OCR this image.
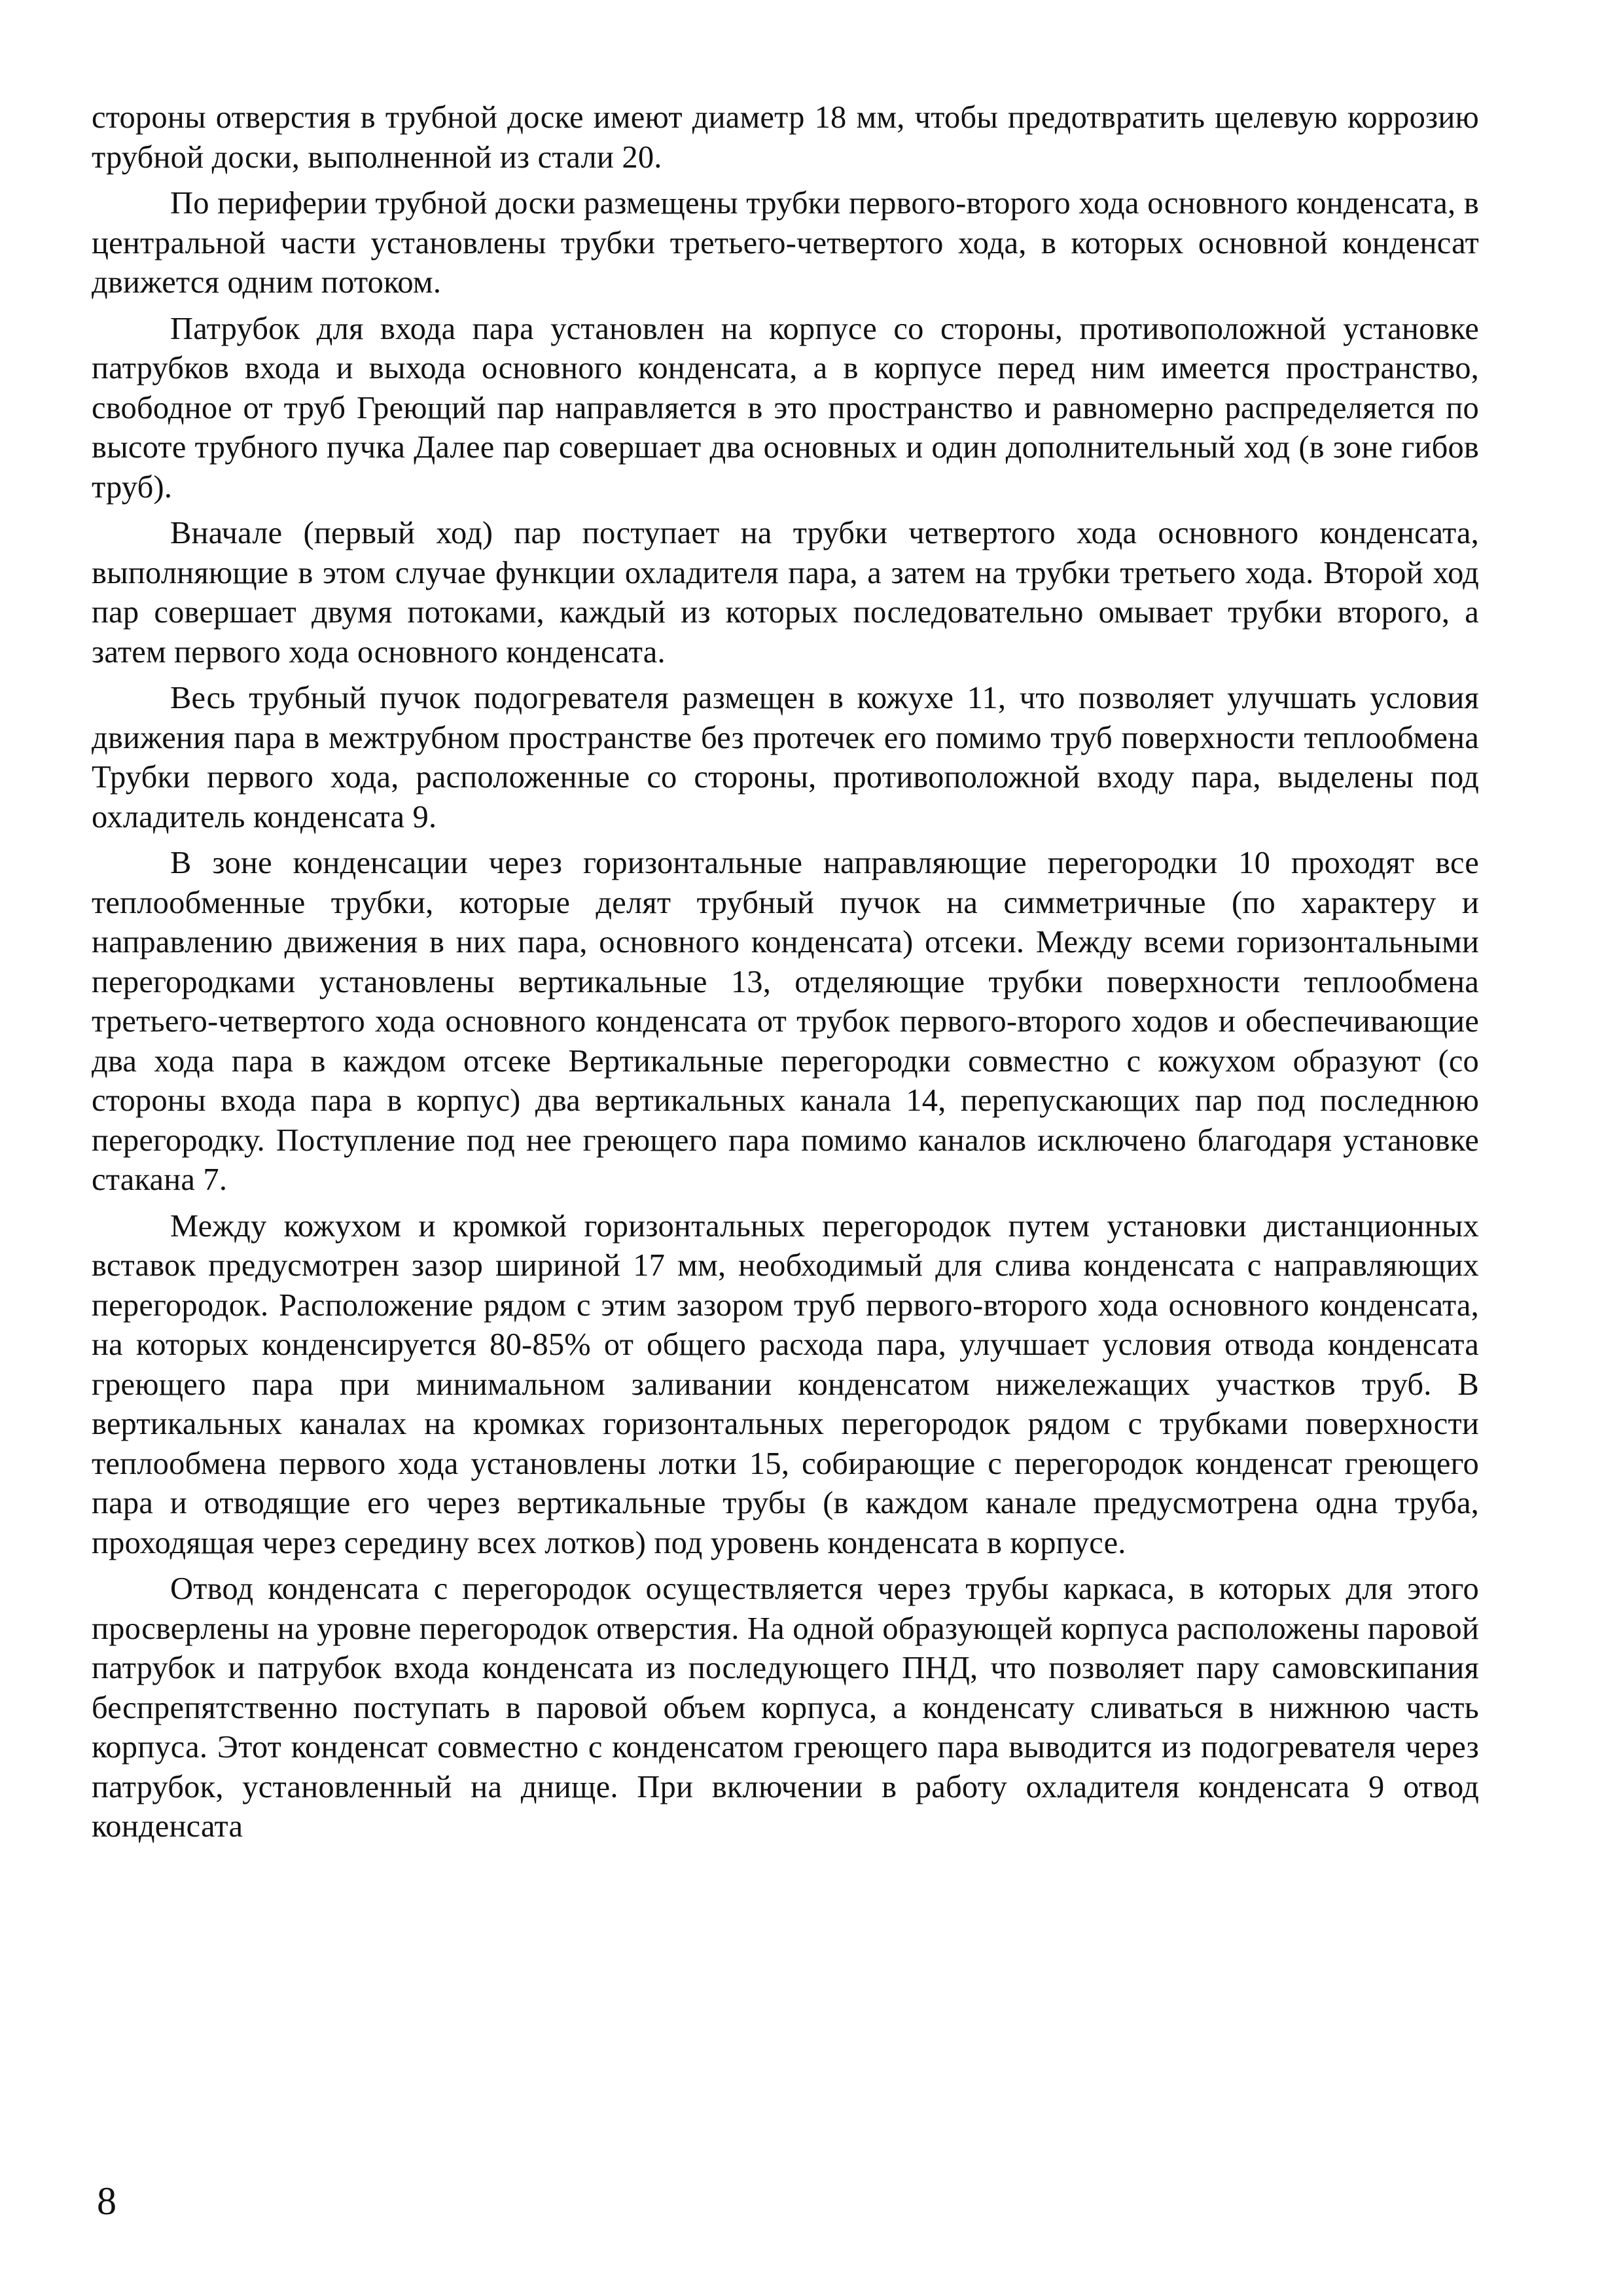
стороны отверстия в трубной доске имеют диаметр 18 мм, чтобы предотвратить щелевую коррозию трубной доски, выполненной из стали 20.

По периферии трубной доски размещены трубки первого-второго хода основного конденсата, в центральной части установлены трубки третьего-четвертого хода, в которых основной конденсат движется одним потоком.

Патрубок для входа пара установлен на корпусе со стороны, противоположной установке патрубков входа и выхода основного конденсата, а в корпусе перед ним имеется пространство, свободное от труб Греющий пар направляется в это пространство и равномерно распределяется по высоте трубного пучка Далее пар совершает два основных и один дополнительный ход (в зоне гибов труб).

Вначале (первый ход) пар поступает на трубки четвертого хода основного конденсата, выполняющие в этом случае функции охладителя пара, а затем на трубки третьего хода. Второй ход пар совершает двумя потоками, каждый из которых последовательно омывает трубки второго, а затем первого хода основного конденсата.

Весь трубный пучок подогревателя размещен в кожухе 11, что позволяет улучшать условия движения пара в межтрубном пространстве без протечек его помимо труб поверхности теплообмена Трубки первого хода, расположенные со стороны, противоположной входу пара, выделены под охладитель конденсата 9.

В зоне конденсации через горизонтальные направляющие перегородки 10 проходят все теплообменные трубки, которые делят трубный пучок на симметричные (по характеру и направлению движения в них пара, основного конденсата) отсеки. Между всеми горизонтальными перегородками установлены вертикальные 13, отделяющие трубки поверхности теплообмена третьего-четвертого хода основного конденсата от трубок первого-второго ходов и обеспечивающие два хода пара в каждом отсеке Вертикальные перегородки совместно с кожухом образуют (со стороны входа пара в корпус) два вертикальных канала 14, перепускающих пар под последнюю перегородку. Поступление под нее греющего пара помимо каналов исключено благодаря установке стакана 7.

Между кожухом и кромкой горизонтальных перегородок путем установки дистанционных вставок предусмотрен зазор шириной 17 мм, необходимый для слива конденсата с направляющих перегородок. Расположение рядом с этим зазором труб первого-второго хода основного конденсата, на которых конденсируется 80-85% от общего расхода пара, улучшает условия отвода конденсата греющего пара при минимальном заливании конденсатом нижележащих участков труб. В вертикальных каналах на кромках горизонтальных перегородок рядом с трубками поверхности теплообмена первого хода установлены лотки 15, собирающие с перегородок конденсат греющего пара и отводящие его через вертикальные трубы (в каждом канале предусмотрена одна труба, проходящая через середину всех лотков) под уровень конденсата в корпусе.

Отвод конденсата с перегородок осуществляется через трубы каркаса, в которых для этого просверлены на уровне перегородок отверстия. На одной образующей корпуса расположены паровой патрубок и патрубок входа конденсата из последующего ПНД, что позволяет пару самовскипания беспрепятственно поступать в паровой объем корпуса, а конденсату сливаться в нижнюю часть корпуса. Этот конденсат совместно с конденсатом греющего пара выводится из подогревателя через патрубок, установленный на днище. При включении в работу охладителя конденсата 9 отвод конденсата

8
